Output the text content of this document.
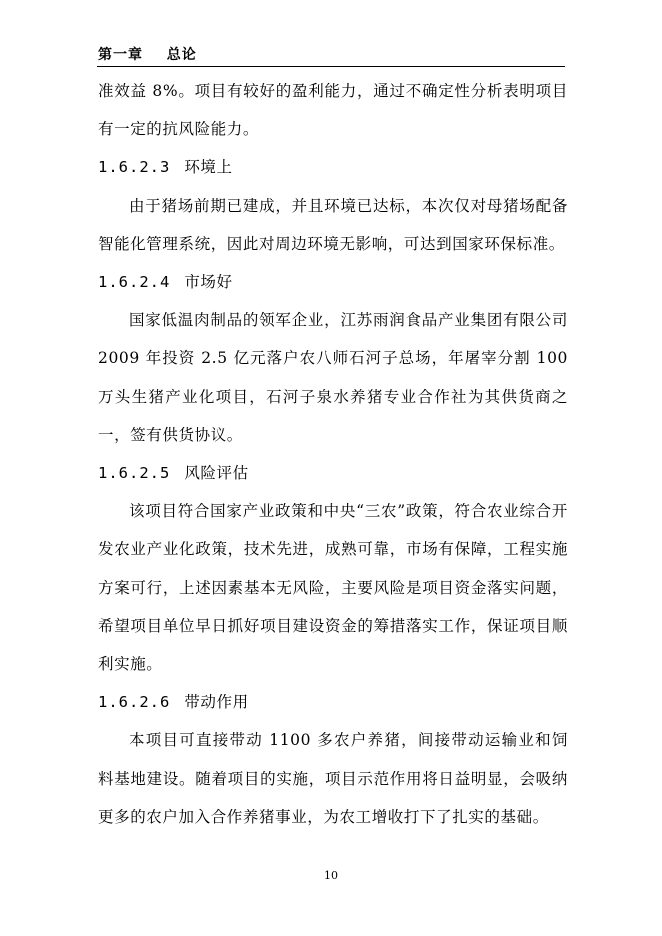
第一章 总论

准效益 8%。项目有较好的盈利能力，通过不确定性分析表明项目有一定的抗风险能力。

1.6.2.3 环境上

由于猪场前期已建成，并且环境已达标，本次仅对母猪场配备智能化管理系统，因此对周边环境无影响，可达到国家环保标准。

1.6.2.4 市场好

国家低温肉制品的领军企业，江苏雨润食品产业集团有限公司 2009 年投资 2.5 亿元落户农八师石河子总场，年屠宰分割 100 万头生猪产业化项目，石河子泉水养猪专业合作社为其供货商之一，签有供货协议。

1.6.2.5 风险评估

该项目符合国家产业政策和中央“三农”政策，符合农业综合开发农业产业化政策，技术先进，成熟可靠，市场有保障，工程实施方案可行，上述因素基本无风险，主要风险是项目资金落实问题，希望项目单位早日抓好项目建设资金的筹措落实工作，保证项目顺利实施。

1.6.2.6 带动作用

本项目可直接带动 1100 多农户养猪，间接带动运输业和饲料基地建设。随着项目的实施，项目示范作用将日益明显，会吸纳更多的农户加入合作养猪事业，为农工增收打下了扎实的基础。

10
